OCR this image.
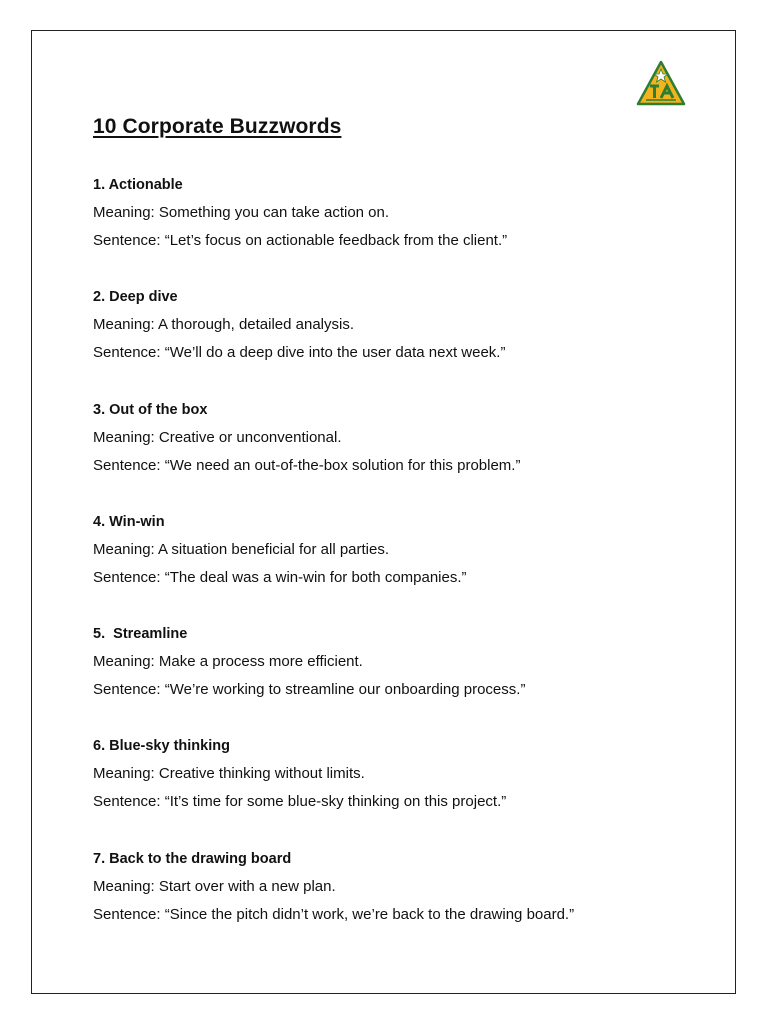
10 Corporate Buzzwords
1. Actionable
Meaning: Something you can take action on.
Sentence: “Let’s focus on actionable feedback from the client.”
2. Deep dive
Meaning: A thorough, detailed analysis.
Sentence: “We’ll do a deep dive into the user data next week.”
3. Out of the box
Meaning: Creative or unconventional.
Sentence: “We need an out-of-the-box solution for this problem.”
4. Win-win
Meaning: A situation beneficial for all parties.
Sentence: “The deal was a win-win for both companies.”
5.  Streamline
Meaning: Make a process more efficient.
Sentence: “We’re working to streamline our onboarding process.”
6. Blue-sky thinking
Meaning: Creative thinking without limits.
Sentence: “It’s time for some blue-sky thinking on this project.”
7. Back to the drawing board
Meaning: Start over with a new plan.
Sentence: “Since the pitch didn’t work, we’re back to the drawing board.”
